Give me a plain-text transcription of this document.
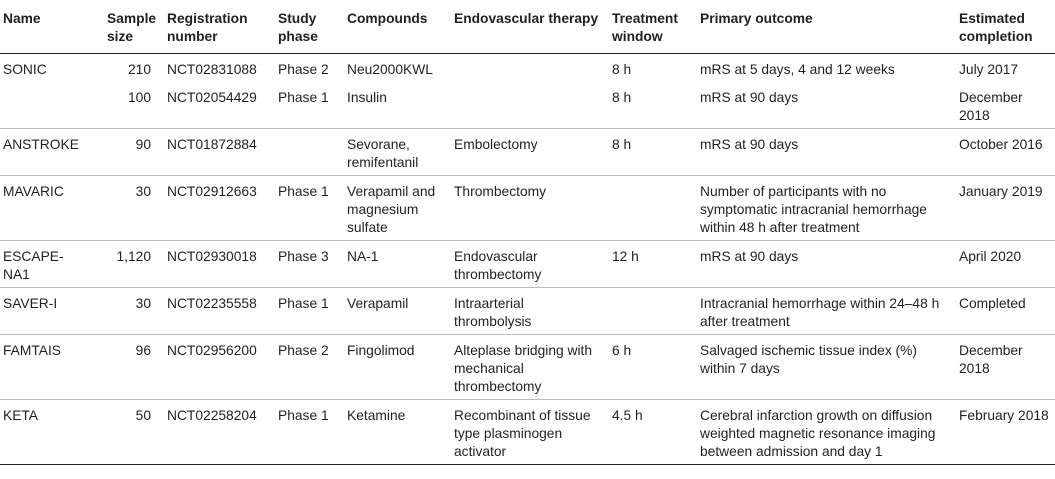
Name	Sample size	Registration number	Study phase	Compounds	Endovascular therapy	Treatment window	Primary outcome	Estimated completion
SONIC	210	NCT02831088	Phase 2	Neu2000KWL		8 h	mRS at 5 days, 4 and 12 weeks	July 2017
	100	NCT02054429	Phase 1	Insulin		8 h	mRS at 90 days	December 2018
ANSTROKE	90	NCT01872884		Sevorane, remifentanil	Embolectomy	8 h	mRS at 90 days	October 2016
MAVARIC	30	NCT02912663	Phase 1	Verapamil and magnesium sulfate	Thrombectomy		Number of participants with no symptomatic intracranial hemorrhage within 48 h after treatment	January 2019
ESCAPE-NA1	1,120	NCT02930018	Phase 3	NA-1	Endovascular thrombectomy	12 h	mRS at 90 days	April 2020
SAVER-I	30	NCT02235558	Phase 1	Verapamil	Intraarterial thrombolysis		Intracranial hemorrhage within 24–48 h after treatment	Completed
FAMTAIS	96	NCT02956200	Phase 2	Fingolimod	Alteplase bridging with mechanical thrombectomy	6 h	Salvaged ischemic tissue index (%) within 7 days	December 2018
KETA	50	NCT02258204	Phase 1	Ketamine	Recombinant of tissue type plasminogen activator	4.5 h	Cerebral infarction growth on diffusion weighted magnetic resonance imaging between admission and day 1	February 2018
